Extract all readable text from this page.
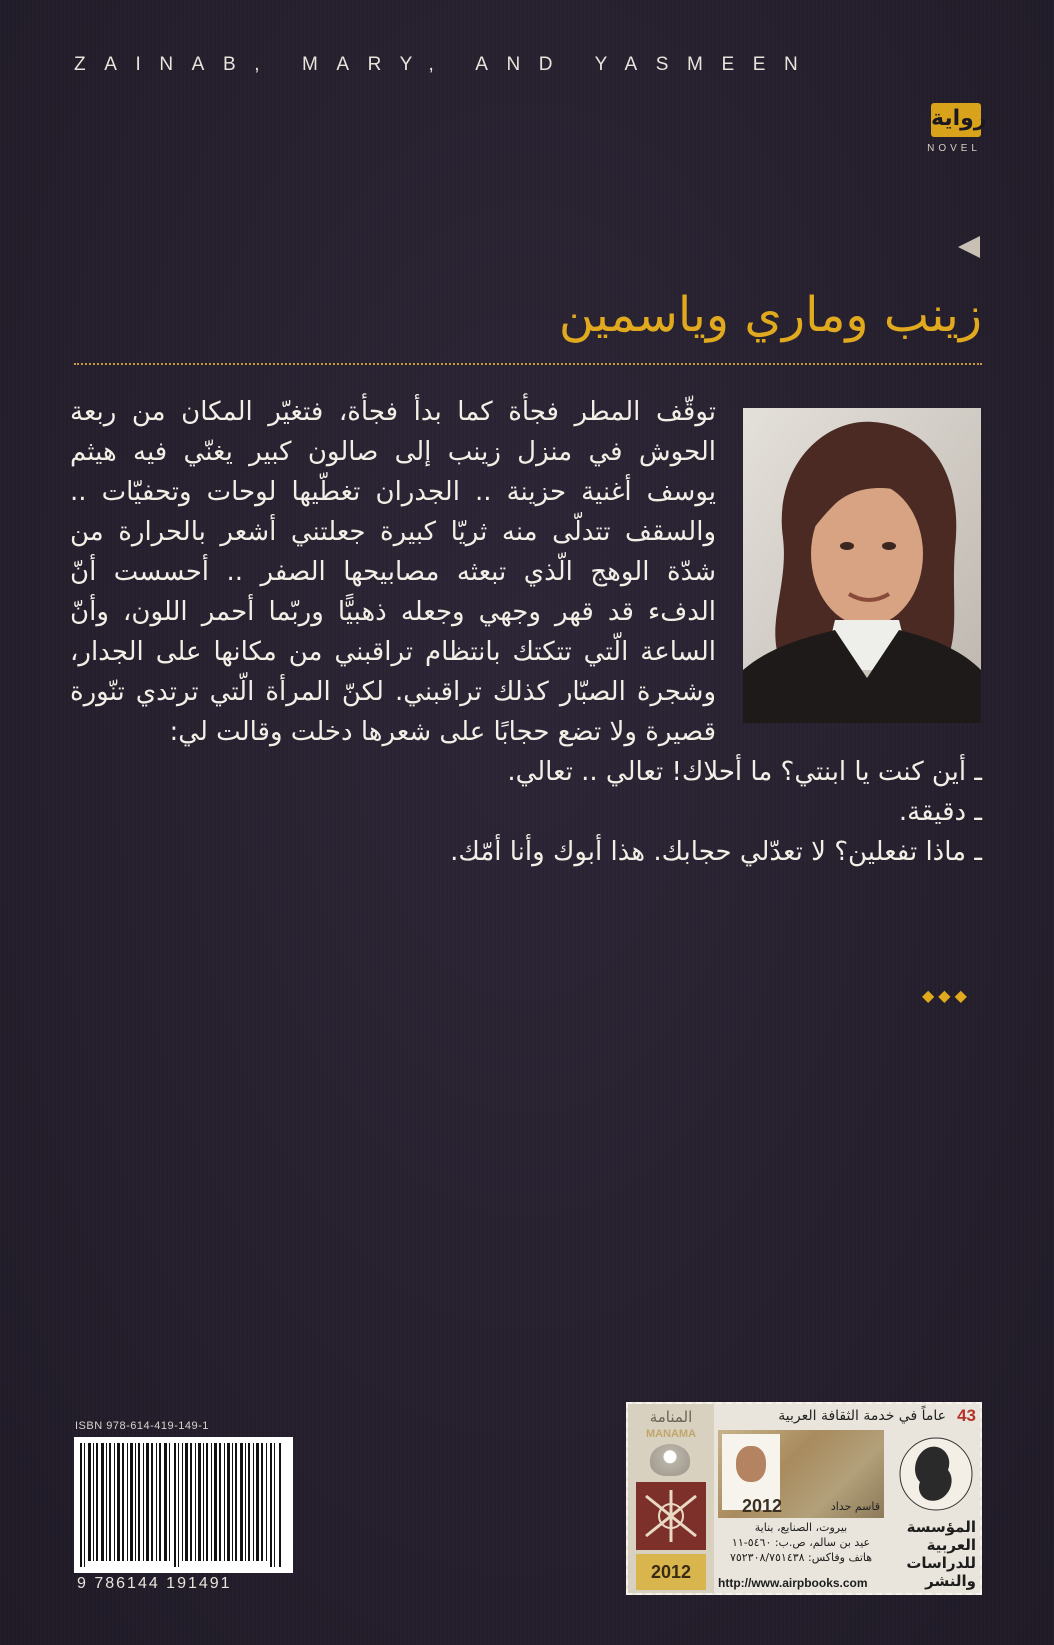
ZAINAB, MARY, AND YASMEEN
رواية
NOVEL
زينب وماري وياسمين

توقّف المطر فجأة كما بدأ فجأة، فتغيّر المكان من ربعة الحوش في منزل زينب إلى صالون كبير يغنّي فيه هيثم يوسف أغنية حزينة .. الجدران تغطّيها لوحات وتحفيّات .. والسقف تتدلّى منه ثريّا كبيرة جعلتني أشعر بالحرارة من شدّة الوهج الّذي تبعثه مصابيحها الصفر .. أحسست أنّ الدفء قد قهر وجهي وجعله ذهبيًّا وربّما أحمر اللون، وأنّ الساعة الّتي تتكتك بانتظام تراقبني من مكانها على الجدار، وشجرة الصبّار كذلك تراقبني. لكنّ المرأة الّتي ترتدي تنّورة قصيرة ولا تضع حجابًا على شعرها دخلت وقالت لي:

ـ أين كنت يا ابنتي؟ ما أحلاك! تعالي .. تعالي.

ـ دقيقة.

ـ ماذا تفعلين؟ لا تعدّلي حجابك. هذا أبوك وأنا أمّك.

◆◆◆
ISBN 978-614-419-149-1
9 786144 191491
المنامة
MANAMA
2012
عاماً في خدمة الثقافة العربية 43
2012	قاسم حداد
بيروت، الصنايع، بناية
عيد بن سالم، ص.ب: ٥٤٦٠-١١
هاتف وفاكس: ٧٥٢٣٠٨/٧٥١٤٣٨
http://www.airpbooks.com
المؤسسة
العربية
للدراسات
والنشر
